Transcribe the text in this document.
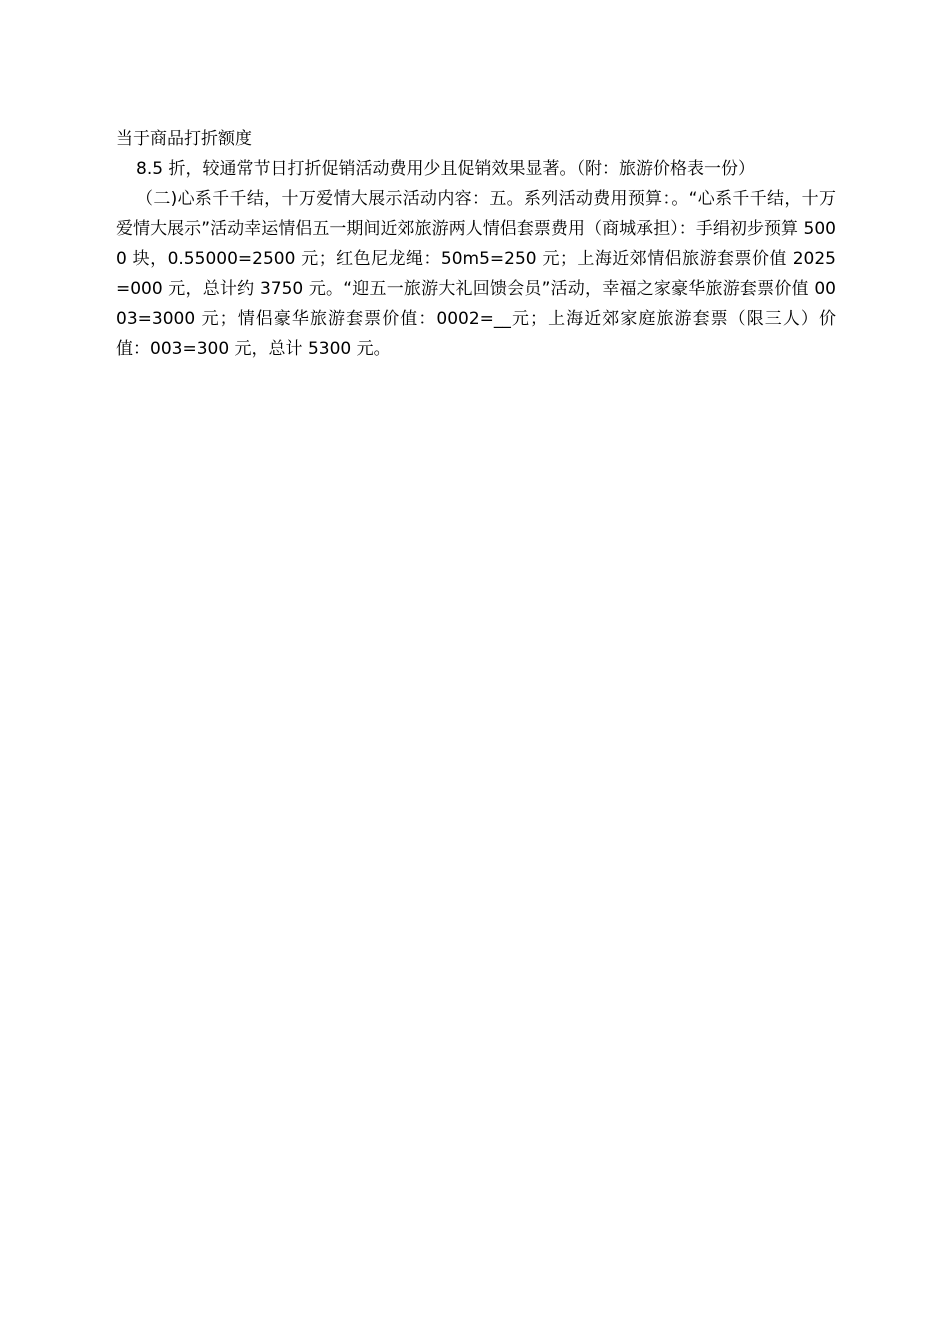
当于商品打折额度

8.5 折，较通常节日打折促销活动费用少且促销效果显著。（附：旅游价格表一份）

（二)心系千千结，十万爱情大展示活动内容：五。系列活动费用预算：。“心系千千结，十万爱情大展示”活动幸运情侣五一期间近郊旅游两人情侣套票费用（商城承担）：手绢初步预算 5000 块，0.55000=2500 元；红色尼龙绳：50m5=250 元；上海近郊情侣旅游套票价值 2025=000 元，总计约 3750 元。“迎五一旅游大礼回馈会员”活动，幸福之家豪华旅游套票价值 0003=3000 元；情侣豪华旅游套票价值：0002=__元；上海近郊家庭旅游套票（限三人）价值：003=300 元，总计 5300 元。
